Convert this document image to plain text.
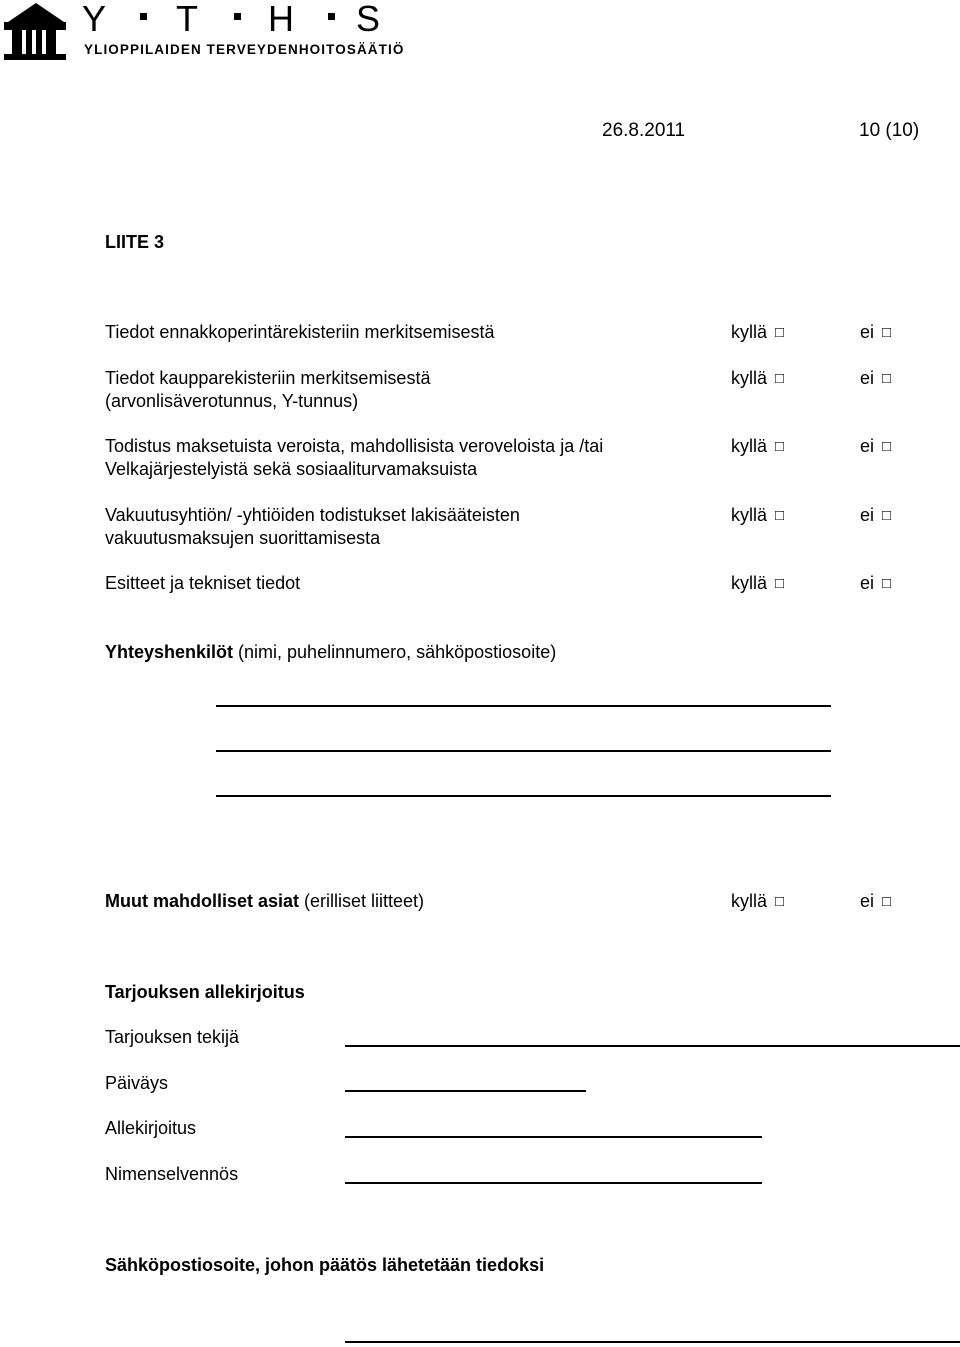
Y T H S
YLIOPPILAIDEN TERVEYDENHOITOSÄÄTIÖ
26.8.2011	10 (10)
LIITE 3
Tiedot ennakkoperintärekisteriin merkitsemisestä	kyllä □	ei □
Tiedot kaupparekisteriin merkitsemisestä
(arvonlisäverotunnus, Y-tunnus)
kyllä □	ei □
Todistus maksetuista veroista, mahdollisista veroveloista ja /tai
Velkajärjestelyistä sekä sosiaaliturvamaksuista
kyllä □	ei □
Vakuutusyhtiön/ -yhtiöiden todistukset lakisääteisten
vakuutusmaksujen suorittamisesta
kyllä □	ei □
Esitteet ja tekniset tiedot	kyllä □	ei □
Yhteyshenkilöt (nimi, puhelinnumero, sähköpostiosoite)
Muut mahdolliset asiat (erilliset liitteet)	kyllä □	ei □
Tarjouksen allekirjoitus
Tarjouksen tekijä
Päiväys
Allekirjoitus
Nimenselvennös
Sähköpostiosoite, johon päätös lähetetään tiedoksi
